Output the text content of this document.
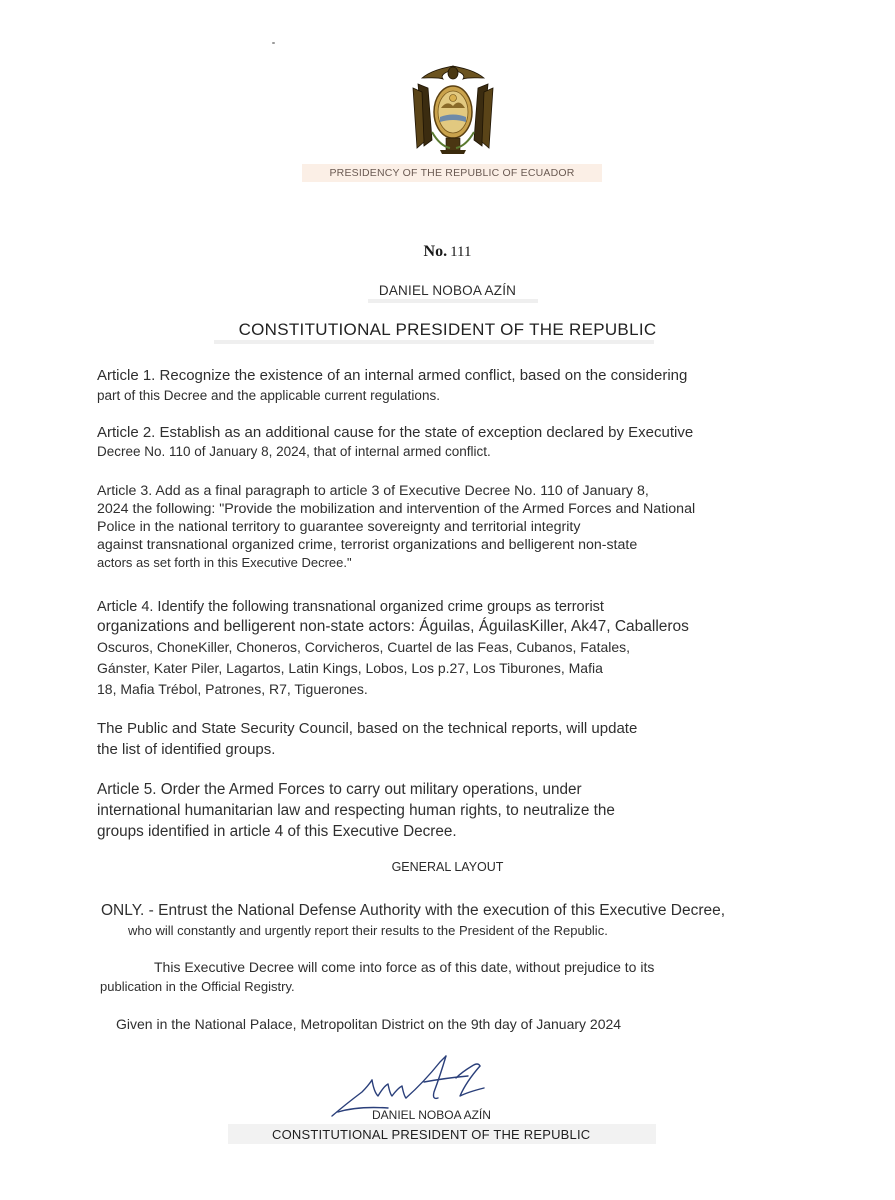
PRESIDENCY OF THE REPUBLIC OF ECUADOR
No. 111
DANIEL NOBOA AZÍN
CONSTITUTIONAL PRESIDENT OF THE REPUBLIC

Article 1. Recognize the existence of an internal armed conflict, based on the considering

part of this Decree and the applicable current regulations.

Article 2. Establish as an additional cause for the state of exception declared by Executive

Decree No. 110 of January 8, 2024, that of internal armed conflict.

Article 3. Add as a final paragraph to article 3 of Executive Decree No. 110 of January 8,

2024 the following: "Provide the mobilization and intervention of the Armed Forces and National

Police in the national territory to guarantee sovereignty and territorial integrity

against transnational organized crime, terrorist organizations and belligerent non-state

actors as set forth in this Executive Decree."

Article 4. Identify the following transnational organized crime groups as terrorist

organizations and belligerent non-state actors: Águilas, ÁguilasKiller, Ak47, Caballeros

Oscuros, ChoneKiller, Choneros, Corvicheros, Cuartel de las Feas, Cubanos, Fatales,

Gánster, Kater Piler, Lagartos, Latin Kings, Lobos, Los p.27, Los Tiburones, Mafia

18, Mafia Trébol, Patrones, R7, Tiguerones.

The Public and State Security Council, based on the technical reports, will update

the list of identified groups.

Article 5. Order the Armed Forces to carry out military operations, under

international humanitarian law and respecting human rights, to neutralize the

groups identified in article 4 of this Executive Decree.

GENERAL LAYOUT

ONLY. - Entrust the National Defense Authority with the execution of this Executive Decree,

who will constantly and urgently report their results to the President of the Republic.

This Executive Decree will come into force as of this date, without prejudice to its

publication in the Official Registry.

Given in the National Palace, Metropolitan District on the 9th day of January 2024

DANIEL NOBOA AZÍN
CONSTITUTIONAL PRESIDENT OF THE REPUBLIC
